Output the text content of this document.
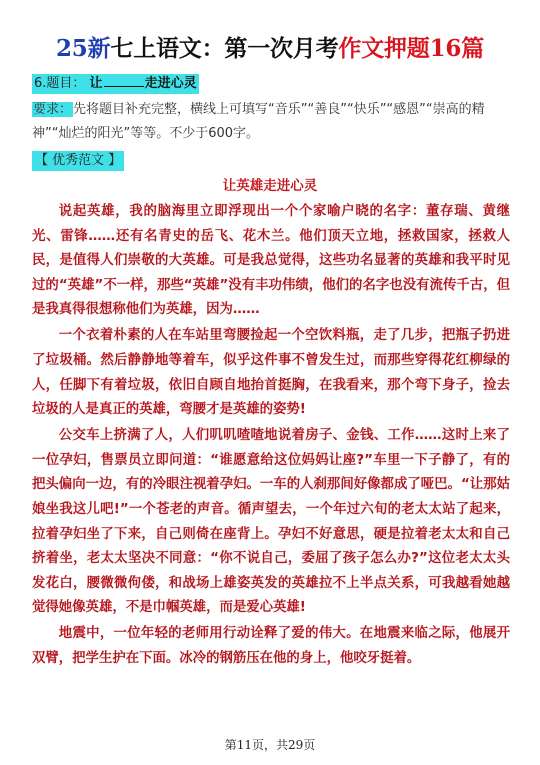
25新七上语文：第一次月考作文押题16篇
6.题目： 让	走进心灵
要求：先将题目补充完整，横线上可填写“音乐”“善良”“快乐”“感恩”“崇高的精神”“灿烂的阳光”等等。不少于600字。
【 优秀范文 】
让英雄走进心灵

说起英雄，我的脑海里立即浮现出一个个家喻户晓的名字：董存瑞、黄继光、雷锋……还有名青史的岳飞、花木兰。他们顶天立地，拯救国家，拯救人民，是值得人们崇敬的大英雄。可是我总觉得，这些功名显著的英雄和我平时见过的“英雄”不一样，那些“英雄”没有丰功伟绩，他们的名字也没有流传千古，但是我真得很想称他们为英雄，因为……

一个衣着朴素的人在车站里弯腰捡起一个空饮料瓶，走了几步，把瓶子扔进了垃圾桶。然后静静地等着车，似乎这件事不曾发生过，而那些穿得花红柳绿的人，任脚下有着垃圾，依旧自顾自地抬首挺胸，在我看来，那个弯下身子，捡去垃圾的人是真正的英雄，弯腰才是英雄的姿势!

公交车上挤满了人，人们叽叽喳喳地说着房子、金钱、工作……这时上来了一位孕妇，售票员立即问道：“谁愿意给这位妈妈让座?”车里一下子静了，有的把头偏向一边，有的冷眼注视着孕妇。一车的人刹那间好像都成了哑巴。“让那姑娘坐我这儿吧!”一个苍老的声音。循声望去，一个年过六旬的老太太站了起来，拉着孕妇坐了下来，自己则倚在座背上。孕妇不好意思，硬是拉着老太太和自己挤着坐，老太太坚决不同意：“你不说自己，委屈了孩子怎么办?”这位老太太头发花白，腰微微佝偻，和战场上雄姿英发的英雄拉不上半点关系，可我越看她越觉得她像英雄，不是巾帼英雄，而是爱心英雄!

地震中，一位年轻的老师用行动诠释了爱的伟大。在地震来临之际，他展开双臂，把学生护在下面。冰冷的钢筋压在他的身上，他咬牙挺着。

第11页，共29页
